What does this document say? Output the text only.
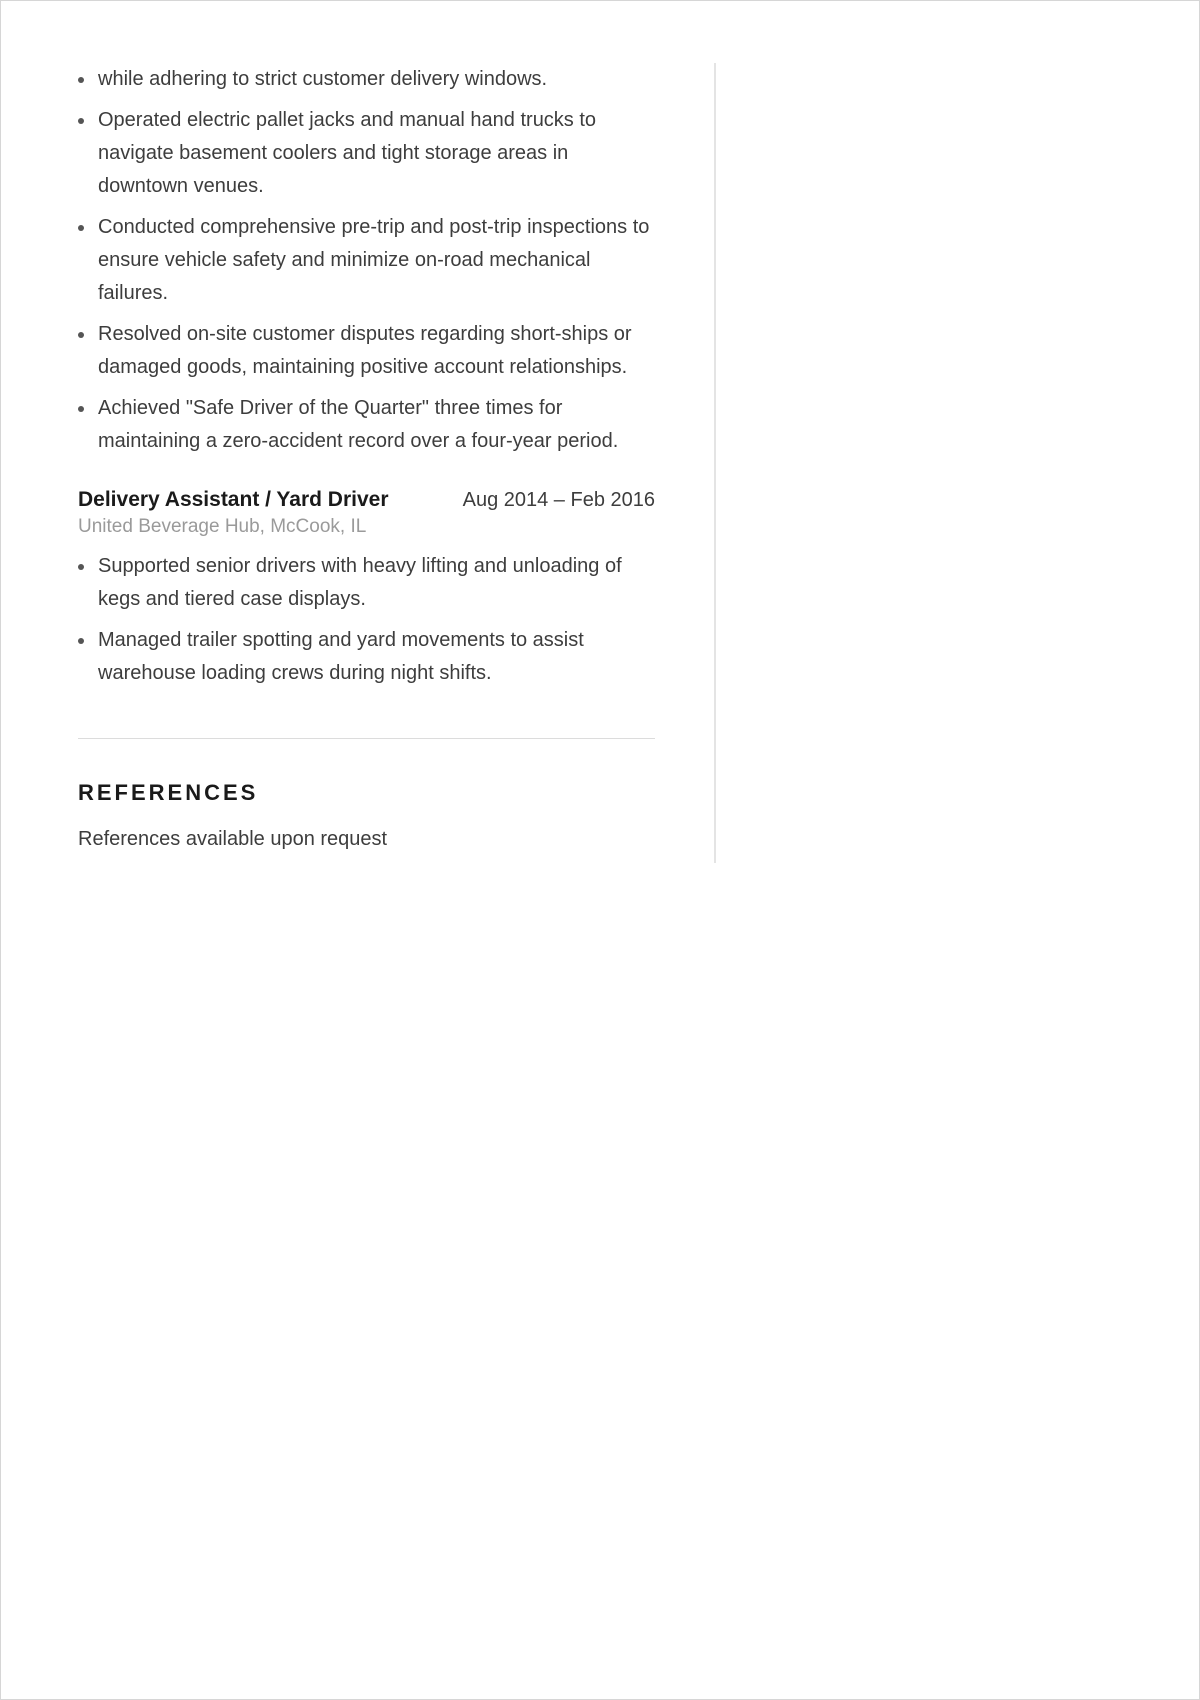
while adhering to strict customer delivery windows.
Operated electric pallet jacks and manual hand trucks to navigate basement coolers and tight storage areas in downtown venues.
Conducted comprehensive pre-trip and post-trip inspections to ensure vehicle safety and minimize on-road mechanical failures.
Resolved on-site customer disputes regarding short-ships or damaged goods, maintaining positive account relationships.
Achieved "Safe Driver of the Quarter" three times for maintaining a zero-accident record over a four-year period.
Delivery Assistant / Yard Driver	Aug 2014 – Feb 2016
United Beverage Hub, McCook, IL
Supported senior drivers with heavy lifting and unloading of kegs and tiered case displays.
Managed trailer spotting and yard movements to assist warehouse loading crews during night shifts.
REFERENCES
References available upon request
